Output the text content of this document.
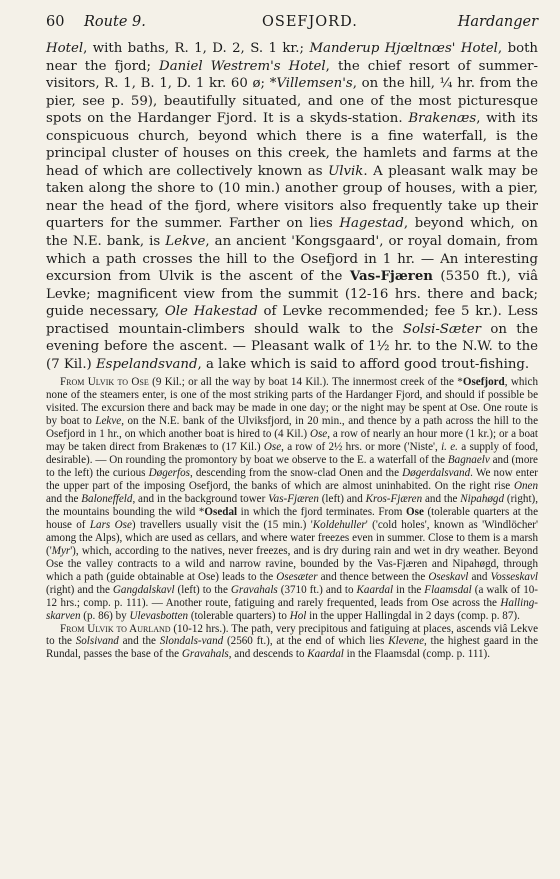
60 Route 9.	OSEFJORD.	Hardanger

Hotel, with baths, R. 1, D. 2, S. 1 kr.; Manderup Hjœltnœs' Hotel, both near the fjord; Daniel Westrem's Hotel, the chief resort of summer-visitors, R. 1, B. 1, D. 1 kr. 60 ø; *Villemsen's, on the hill, ¼ hr. from the pier, see p. 59), beautifully situated, and one of the most picturesque spots on the Hardanger Fjord. It is a skyds-station. Brakenæs, with its conspicuous church, beyond which there is a fine waterfall, is the principal cluster of houses on this creek, the hamlets and farms at the head of which are collectively known as Ulvik. A pleasant walk may be taken along the shore to (10 min.) another group of houses, with a pier, near the head of the fjord, where visitors also frequently take up their quarters for the summer. Farther on lies Hagestad, beyond which, on the N.E. bank, is Lekve, an ancient 'Kongsgaard', or royal domain, from which a path crosses the hill to the Osefjord in 1 hr. — An interesting excursion from Ulvik is the ascent of the Vas-Fjæren (5350 ft.), viâ Levke; magnificent view from the summit (12-16 hrs. there and back; guide necessary, Ole Hakestad of Levke recommended; fee 5 kr.). Less practised mountain-climbers should walk to the Solsi-Sæter on the evening before the ascent. — Pleasant walk of 1½ hr. to the N.W. to the (7 Kil.) Espelandsvand, a lake which is said to afford good trout-fishing.

From Ulvik to Ose (9 Kil.; or all the way by boat 14 Kil.). The innermost creek of the *Osefjord, which none of the steamers enter, is one of the most striking parts of the Hardanger Fjord, and should if possible be visited. The excursion there and back may be made in one day; or the night may be spent at Ose. One route is by boat to Lekve, on the N.E. bank of the Ulviksfjord, in 20 min., and thence by a path across the hill to the Osefjord in 1 hr., on which another boat is hired to (4 Kil.) Ose, a row of nearly an hour more (1 kr.); or a boat may be taken direct from Brakenæs to (17 Kil.) Ose, a row of 2½ hrs. or more ('Niste', i. e. a supply of food, desirable). — On rounding the promontory by boat we observe to the E. a waterfall of the Bagnaelv and (more to the left) the curious Døgerfos, descending from the snow-clad Onen and the Døgerdalsvand. We now enter the upper part of the imposing Osefjord, the banks of which are almost uninhabited. On the right rise Onen and the Baloneffeld, and in the background tower Vas-Fjæren (left) and Kros-Fjæren and the Nipahøgd (right), the mountains bounding the wild *Osedal in which the fjord terminates. From Ose (tolerable quarters at the house of Lars Ose) travellers usually visit the (15 min.) 'Koldehuller' ('cold holes', known as 'Windlöcher' among the Alps), which are used as cellars, and where water freezes even in summer. Close to them is a marsh ('Myr'), which, according to the natives, never freezes, and is dry during rain and wet in dry weather. Beyond Ose the valley contracts to a wild and narrow ravine, bounded by the Vas-Fjæren and Nipahøgd, through which a path (guide obtainable at Ose) leads to the Osesæter and thence between the Oseskavl and Vosseskavl (right) and the Gangdalskavl (left) to the Gravahals (3710 ft.) and to Kaardal in the Flaamsdal (a walk of 10-12 hrs.; comp. p. 111). — Another route, fatiguing and rarely frequented, leads from Ose across the Halling-skarven (p. 86) by Ulevasbotten (tolerable quarters) to Hol in the upper Hallingdal in 2 days (comp. p. 87).

From Ulvik to Aurland (10-12 hrs.). The path, very precipitous and fatiguing at places, ascends viâ Lekve to the Solsivand and the Slondals-vand (2560 ft.), at the end of which lies Klevene, the highest gaard in the Rundal, passes the base of the Gravahals, and descends to Kaardal in the Flaamsdal (comp. p. 111).
